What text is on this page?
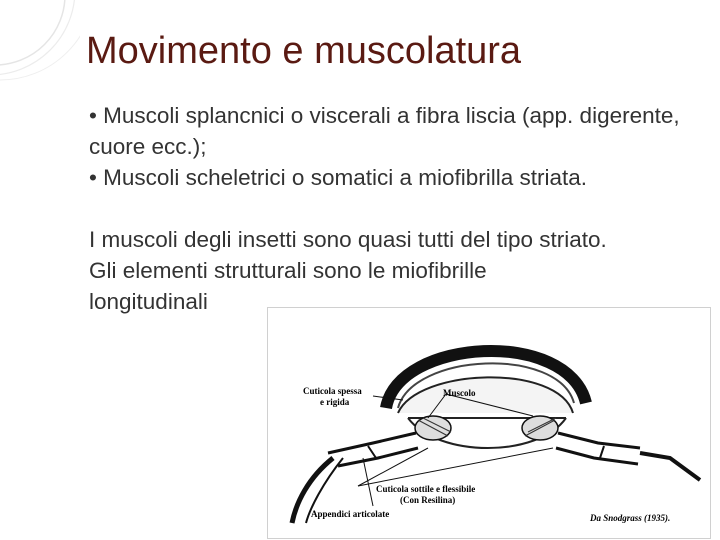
Movimento e muscolatura

• Muscoli splancnici o viscerali a fibra liscia (app. digerente, cuore ecc.);

• Muscoli scheletrici o somatici a miofibrilla striata.

I muscoli degli insetti sono quasi tutti del tipo striato.

Gli elementi strutturali sono le miofibrille longitudinali

Cuticola spessa
e rigida
Muscolo
Cuticola sottile e flessibile
(Con Resilina)
Appendici articolate	Da Snodgrass (1935).
